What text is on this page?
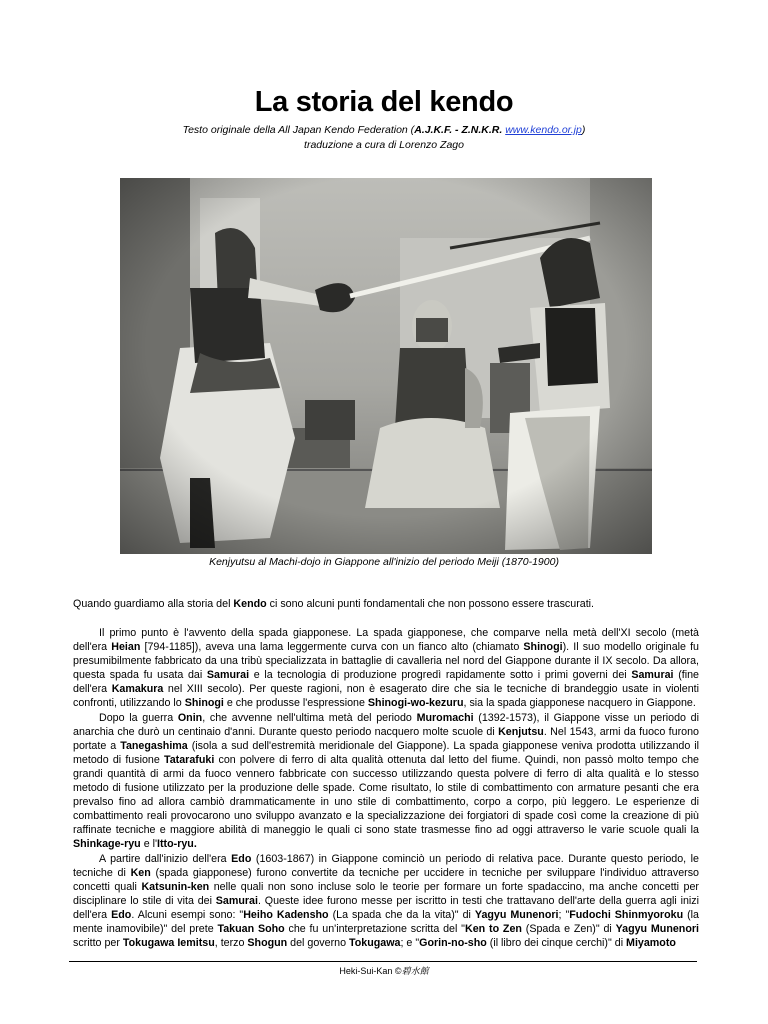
La storia del kendo
Testo originale della All Japan Kendo Federation (A.J.K.F. - Z.N.K.R. www.kendo.or.jp)
traduzione a cura di Lorenzo Zago
Kenjyutsu al Machi-dojo in Giappone all'inizio del periodo Meiji (1870-1900)
Quando guardiamo alla storia del Kendo ci sono alcuni punti fondamentali che non possono essere trascurati.

Il primo punto è l'avvento della spada giapponese. La spada giapponese, che comparve nella metà dell'XI secolo (metà dell'era Heian [794-1185]), aveva una lama leggermente curva con un fianco alto (chiamato Shinogi). Il suo modello originale fu presumibilmente fabbricato da una tribù specializzata in battaglie di cavalleria nel nord del Giappone durante il IX secolo. Da allora, questa spada fu usata dai Samurai e la tecnologia di produzione progredì rapidamente sotto i primi governi dei Samurai (fine dell'era Kamakura nel XIII secolo). Per queste ragioni, non è esagerato dire che sia le tecniche di brandeggio usate in violenti confronti, utilizzando lo Shinogi e che produsse l'espressione Shinogi-wo-kezuru, sia la spada giapponese nacquero in Giappone.

Dopo la guerra Onin, che avvenne nell'ultima metà del periodo Muromachi (1392-1573), il Giappone visse un periodo di anarchia che durò un centinaio d'anni. Durante questo periodo nacquero molte scuole di Kenjutsu. Nel 1543, armi da fuoco furono portate a Tanegashima (isola a sud dell'estremità meridionale del Giappone). La spada giapponese veniva prodotta utilizzando il metodo di fusione Tatarafuki con polvere di ferro di alta qualità ottenuta dal letto del fiume. Quindi, non passò molto tempo che grandi quantità di armi da fuoco vennero fabbricate con successo utilizzando questa polvere di ferro di alta qualità e lo stesso metodo di fusione utilizzato per la produzione delle spade. Come risultato, lo stile di combattimento con armature pesanti che era prevalso fino ad allora cambiò drammaticamente in uno stile di combattimento, corpo a corpo, più leggero. Le esperienze di combattimento reali provocarono uno sviluppo avanzato e la specializzazione dei forgiatori di spade così come la creazione di più raffinate tecniche e maggiore abilità di maneggio le quali ci sono state trasmesse fino ad oggi attraverso le varie scuole quali la Shinkage-ryu e l'Itto-ryu.

A partire dall'inizio dell'era Edo (1603-1867) in Giappone cominciò un periodo di relativa pace. Durante questo periodo, le tecniche di Ken (spada giapponese) furono convertite da tecniche per uccidere in tecniche per sviluppare l'individuo attraverso concetti quali Katsunin-ken nelle quali non sono incluse solo le teorie per formare un forte spadaccino, ma anche concetti per disciplinare lo stile di vita dei Samurai. Queste idee furono messe per iscritto in testi che trattavano dell'arte della guerra agli inizi dell'era Edo. Alcuni esempi sono: "Heiho Kadensho (La spada che da la vita)" di Yagyu Munenori; "Fudochi Shinmyoroku (la mente inamovibile)" del prete Takuan Soho che fu un'interpretazione scritta del "Ken to Zen (Spada e Zen)" di Yagyu Munenori scritto per Tokugawa Iemitsu, terzo Shogun del governo Tokugawa; e "Gorin-no-sho (il libro dei cinque cerchi)" di Miyamoto

Heki-Sui-Kan ©碧水館
